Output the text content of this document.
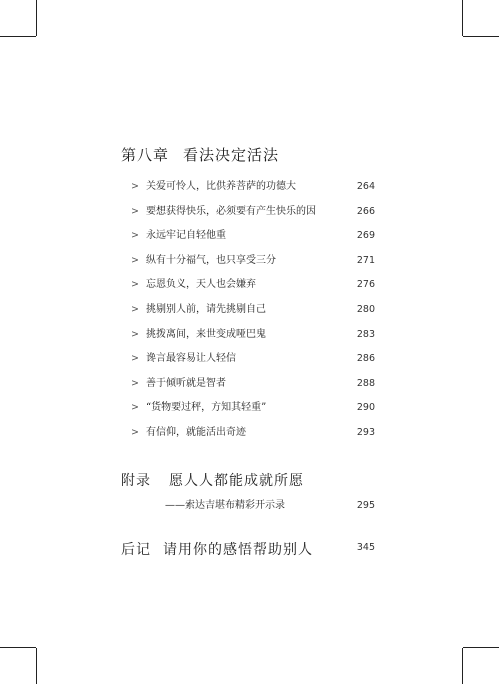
第八章 看法决定活法
> 关爱可怜人，比供养菩萨的功德大	264
> 要想获得快乐，必须要有产生快乐的因	266
> 永远牢记自轻他重	269
> 纵有十分福气，也只享受三分	271
> 忘恩负义，天人也会嫌弃	276
> 挑剔别人前，请先挑剔自己	280
> 挑拨离间，来世变成哑巴鬼	283
> 谗言最容易让人轻信	286
> 善于倾听就是智者	288
> “货物要过秤，方知其轻重”	290
> 有信仰，就能活出奇迹	293
附录 愿人人都能成就所愿
——索达吉堪布精彩开示录	295
后记 请用你的感悟帮助别人	345
